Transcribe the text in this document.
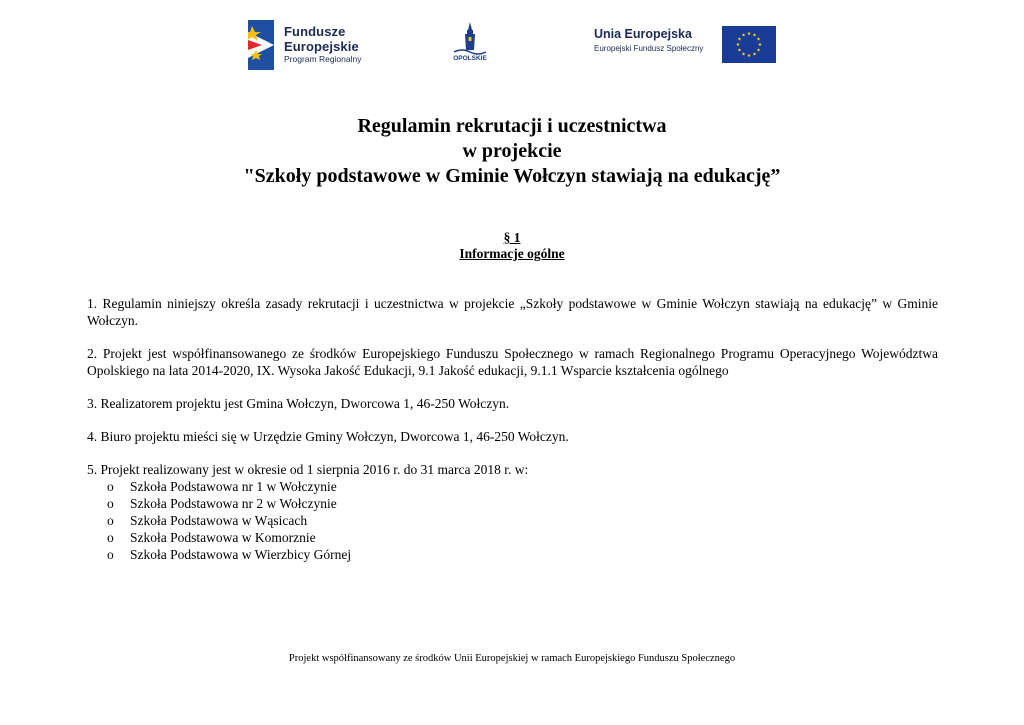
Fundusze
Europejskie
Program Regionalny	OPOLSKIE
Unia Europejska
Europejski Fundusz Społeczny
Regulamin rekrutacji i uczestnictwa
w projekcie
"Szkoły podstawowe w Gminie Wołczyn stawiają na edukację”
§ 1
Informacje ogólne

1. Regulamin niniejszy określa zasady rekrutacji i uczestnictwa w projekcie „Szkoły podstawowe w Gminie Wołczyn stawiają na edukację” w Gminie Wołczyn.

2. Projekt jest współfinansowanego ze środków Europejskiego Funduszu Społecznego w ramach Regionalnego Programu Operacyjnego Województwa Opolskiego na lata 2014-2020, IX. Wysoka Jakość Edukacji, 9.1 Jakość edukacji, 9.1.1 Wsparcie kształcenia ogólnego

3. Realizatorem projektu jest Gmina Wołczyn, Dworcowa 1, 46-250 Wołczyn.

4. Biuro projektu mieści się w Urzędzie Gminy Wołczyn, Dworcowa 1, 46-250 Wołczyn.

5. Projekt realizowany jest w okresie od 1 sierpnia 2016 r. do 31 marca 2018 r. w:

o Szkoła Podstawowa nr 1 w Wołczynie
o Szkoła Podstawowa nr 2 w Wołczynie
o Szkoła Podstawowa w Wąsicach
o Szkoła Podstawowa w Komorznie
o Szkoła Podstawowa w Wierzbicy Górnej
Projekt współfinansowany ze środków Unii Europejskiej w ramach Europejskiego Funduszu Społecznego
